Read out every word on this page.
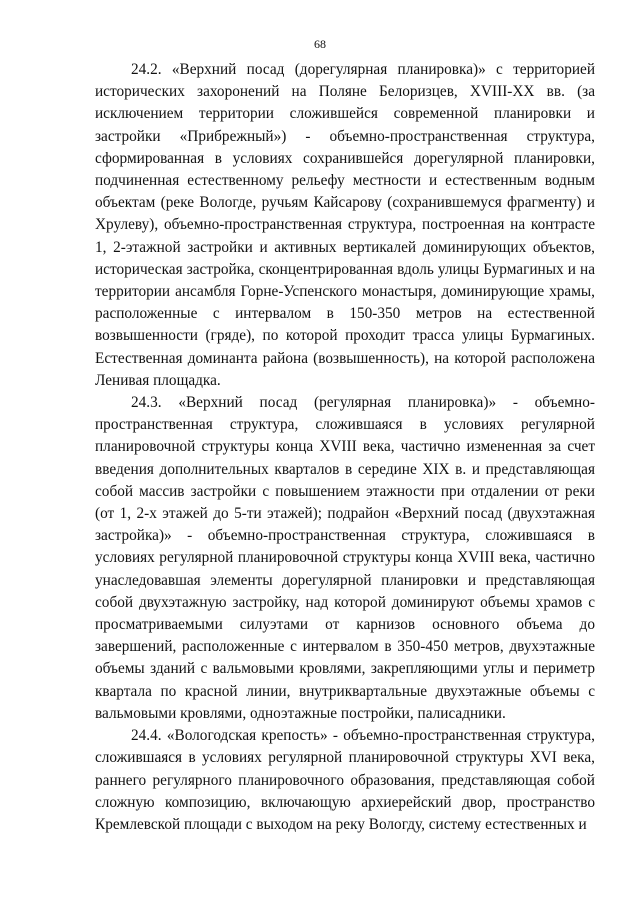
68

24.2. «Верхний посад (дорегулярная планировка)» с территорией исторических захоронений на Поляне Белоризцев, XVIII-XX вв. (за исключением территории сложившейся современной планировки и застройки «Прибрежный») - объемно-пространственная структура, сформированная в условиях сохранившейся дорегулярной планировки, подчиненная естественному рельефу местности и естественным водным объектам (реке Вологде, ручьям Кайсарову (сохранившемуся фрагменту) и Хрулеву), объемно-пространственная структура, построенная на контрасте 1, 2-этажной застройки и активных вертикалей доминирующих объектов, историческая застройка, сконцентрированная вдоль улицы Бурмагиных и на территории ансамбля Горне-Успенского монастыря, доминирующие храмы, расположенные с интервалом в 150-350 метров на естественной возвышенности (гряде), по которой проходит трасса улицы Бурмагиных. Естественная доминанта района (возвышенность), на которой расположена Ленивая площадка.

24.3. «Верхний посад (регулярная планировка)» - объемно-пространственная структура, сложившаяся в условиях регулярной планировочной структуры конца XVIII века, частично измененная за счет введения дополнительных кварталов в середине XIX в. и представляющая собой массив застройки с повышением этажности при отдалении от реки (от 1, 2-х этажей до 5-ти этажей); подрайон «Верхний посад (двухэтажная застройка)» - объемно-пространственная структура, сложившаяся в условиях регулярной планировочной структуры конца XVIII века, частично унаследовавшая элементы дорегулярной планировки и представляющая собой двухэтажную застройку, над которой доминируют объемы храмов с просматриваемыми силуэтами от карнизов основного объема до завершений, расположенные с интервалом в 350-450 метров, двухэтажные объемы зданий с вальмовыми кровлями, закрепляющими углы и периметр квартала по красной линии, внутриквартальные двухэтажные объемы с вальмовыми кровлями, одноэтажные постройки, палисадники.

24.4. «Вологодская крепость» - объемно-пространственная структура, сложившаяся в условиях регулярной планировочной структуры XVI века, раннего регулярного планировочного образования, представляющая собой сложную композицию, включающую архиерейский двор, пространство Кремлевской площади с выходом на реку Вологду, систему естественных и
